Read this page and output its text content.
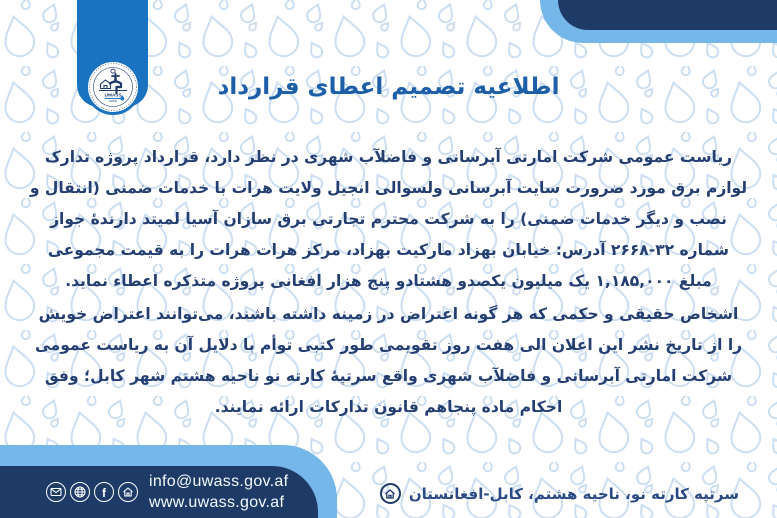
UWASS	اطلاعیه تصمیم اعطای قرارداد

ریاست عمومی شرکت امارتی آبرسانی و فاضلآب شهری در نظر دارد، قرارداد پروژه تدارک لوازم برق مورد ضرورت سایت آبرسانی ولسوالی انجیل ولایت هرات با خدمات ضمنی (انتقال و نصب و دیگر خدمات ضمنی) را به شرکت محترم تجارتی برق سازان آسیا لمیتد دارندهٔ جواز شماره ۳۲-۲۶۶۸ آدرس: خیابان بهزاد مارکیت بهزاد، مرکز هرات هرات را به قیمت مجموعی مبلغ ۱,۱۸۵,۰۰۰ یک میلیون یکصدو هشتادو پنج هزار افغانی پروژه متذکره اعطاء نماید.

اشخاص حقیقی و حکمی که هر گونه اعتراض در زمینه داشته باشند، می‌توانند اعتراض خویش را از تاریخ نشر این اعلان الی هفت روز تقویمی طور کتبی توأم با دلایل آن به ریاست عمومی شرکت امارتی آبرسانی و فاضلآب شهری واقع سرتپهٔ کارته نو ناحیه هشتم شهر کابل؛ وفق احکام ماده پنجاهم قانون تدارکات ارائه نمایند.

f
info@uwass.gov.af
www.uwass.gov.af	سرتپه کارته نو، ناحیه هشتم، کابل-افغانستان
